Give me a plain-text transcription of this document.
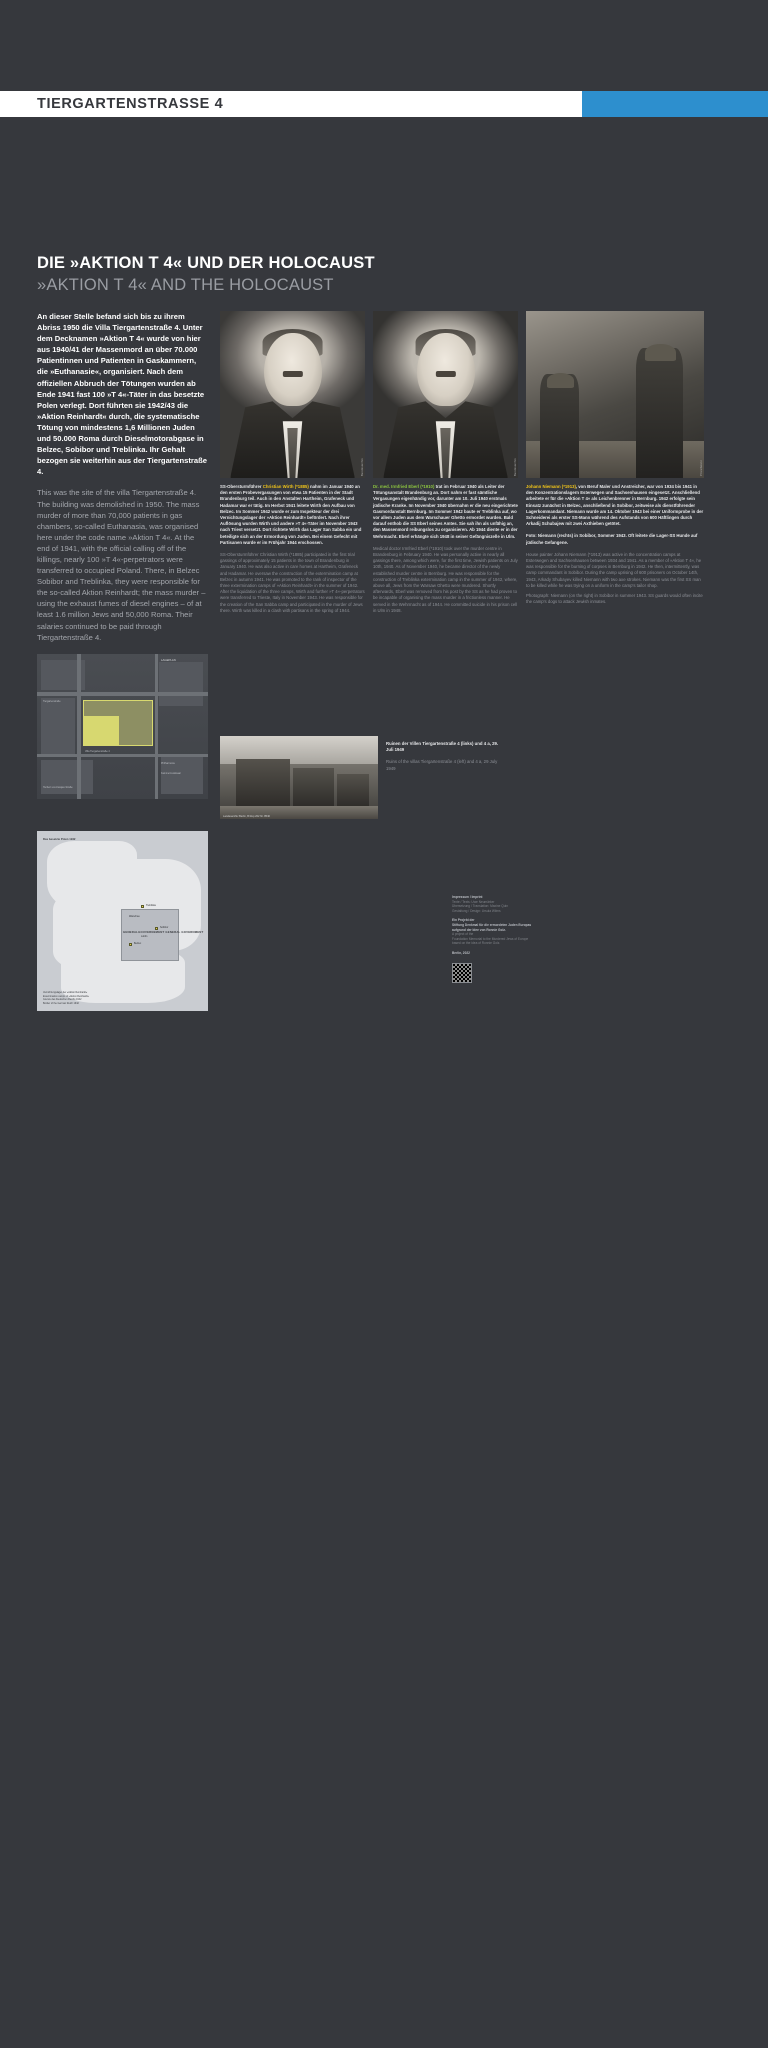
TIERGARTENSTRASSE 4
DIE »AKTION T 4« UND DER HOLOCAUST
»AKTION T 4« AND THE HOLOCAUST
An dieser Stelle befand sich bis zu ihrem Abriss 1950 die Villa Tiergartenstraße 4. Unter dem Decknamen »Aktion T 4« wurde von hier aus 1940/41 der Massenmord an über 70.000 Patientinnen und Patienten in Gaskammern, die »Euthanasie«, organisiert. Nach dem offiziellen Abbruch der Tötungen wurden ab Ende 1941 fast 100 »T 4«-Täter in das besetzte Polen verlegt. Dort führten sie 1942/43 die »Aktion Reinhardt« durch, die systematische Tötung von mindestens 1,6 Millionen Juden und 50.000 Roma durch Dieselmotorabgase in Belzec, Sobibor und Treblinka. Ihr Gehalt bezogen sie weiterhin aus der Tiergartenstraße 4.
This was the site of the villa Tiergartenstraße 4. The building was demolished in 1950. The mass murder of more than 70,000 patients in gas chambers, so-called Euthanasia, was organised here under the code name »Aktion T 4«. At the end of 1941, with the official calling off of the killings, nearly 100 »T 4«-perpetrators were transferred to occupied Poland. There, in Belzec Sobibor and Treblinka, they were responsible for the so-called Aktion Reinhardt; the mass murder – using the exhaust fumes of diesel engines – of at least 1.6 million Jews and 50,000 Roma. Their salaries continued to be paid through Tiergartenstraße 4.
Bundesarchiv	Bundesarchiv	Privatbesitz
SS-Obersturmführer Christian Wirth (*1885) nahm im Januar 1940 an den ersten Probevergasungen von etwa 15 Patienten in der Stadt Brandenburg teil. Auch in den Anstalten Hartheim, Grafeneck und Hadamar war er tätig. Im Herbst 1941 leitete Wirth den Aufbau von Belzec. Im Sommer 1942 wurde er zum Inspekteur der drei Vernichtungslager der »Aktion Reinhardt« befördert. Nach ihrer Auflösung wurden Wirth und andere »T 4«-Täter im November 1943 nach Triest versetzt. Dort richtete Wirth das Lager San Sabba ein und beteiligte sich an der Ermordung von Juden. Bei einem Gefecht mit Partisanen wurde er im Frühjahr 1944 erschossen.
SS-Obersturmführer Christian Wirth (*1885) participated in the first trial gassings of approximately 15 patients in the town of Brandenburg in January 1940. He was also active in care homes at Hartheim, Grafeneck and Hadamar. He oversaw the construction of the extermination camp at Belzec in autumn 1941. He was promoted to the rank of inspector of the three extermination camps of »Aktion Reinhardt« in the summer of 1942. After the liquidation of the three camps, Wirth and further »T 4«-perpetrators were transferred to Trieste, Italy in November 1943. He was responsible for the creation of the San Sabba camp and participated in the murder of Jews there. Wirth was killed in a clash with partisans in the spring of 1944.
Dr. med. Irmfried Eberl (*1910) trat im Februar 1940 als Leiter der Tötungsanstalt Brandenburg an. Dort nahm er fast sämtliche Vergasungen eigenhändig vor, darunter am 10. Juli 1940 erstmals jüdische Kranke. Im November 1940 übernahm er die neu eingerichtete Gasmordanstalt Bernburg. Im Sommer 1942 baute er Treblinka auf, wo vor allem Juden aus dem Warschauer Ghetto ermordet wurden. Bald darauf enthob die SS Eberl seines Amtes. Sie sah ihn als unfähig an, den Massenmord reibungslos zu organisieren. Ab 1944 diente er in der Wehrmacht. Eberl erhängte sich 1948 in seiner Gefängniszelle in Ulm.
Medical doctor Irmfried Eberl (*1910) took over the murder centre in Brandenburg in February 1940. He was personally active in nearly all gassings there, among which were, for the first time, Jewish patients on July 10th, 1940. As of November 1940, he became director of the newly established murder centre in Bernburg. He was responsible for the construction of Treblinka extermination camp in the summer of 1942, where, above all, Jews from the Warsaw Ghetto were murdered. Shortly afterwards, Eberl was removed from his post by the SS as he had proven to be incapable of organising the mass murder in a frictionless manner. He served in the Wehrmacht as of 1944. He committed suicide in his prison cell in Ulm in 1948.
Johann Niemann (*1913), von Beruf Maler und Anstreicher, war von 1934 bis 1941 in den Konzentrationslagern Esterwegen und Sachsenhausen eingesetzt. Anschließend arbeitete er für die »Aktion T 4« als Leichenbrenner in Bernburg. 1942 erfolgte sein Einsatz zunächst in Belzec, anschließend in Sobibor, zeitweise als dienstführender Lagerkommandant. Niemann wurde am 14. Oktober 1943 bei einer Uniformprobe in der Schneiderei als erster SS-Mann während des Aufstands von 600 Häftlingen durch Arkadij Schubajew mit zwei Axthieben getötet.
Foto: Niemann (rechts) in Sobibor, Sommer 1943. Oft leitete die Lager-SS Hunde auf jüdische Gefangene.
House painter Johann Niemann (*1913) was active in the concentration camps at Esterwegen and Sachsenhausen between 1934 and 1941. As a member of »Aktion T 4«, he was responsible for the burning of corpses in Bernburg in 1942. He then, intermittently, was camp commandant in Sobibor. During the camp uprising of 600 prisoners on October 14th, 1943, Arkady Shubayev killed Niemann with two axe strokes. Niemann was the first SS man to be killed while he was trying on a uniform in the camp's tailor shop.
Photograph: Niemann (on the right) in Sobibor in summer 1943. SS guards would often incite the camp's dogs to attack Jewish inmates.
LAGEPLAN
Tiergartenstraße
Villa Tiergartenstraße 4
Philharmonie
Kammermusiksaal
Herbert-von-Karajan-Straße
Landesarchiv Berlin, B Rep 202 Nr. 8540
Ruinen der Villen Tiergartenstraße 4 (links) und 4 a, 29. Juli 1949
Ruins of the villas Tiergartenstraße 4 (left) and 4 a, 29 July 1949
GENERALGOUVERNEMENT GENERAL GOVERNMENT
Das besetzte Polen 1942
Belzec
Sobibor
Treblinka
Warschau
Lublin
Vernichtungslager der »Aktion Reinhardt«
Extermination camps of »Aktion Reinhardt«
Grenze des Deutschen Reichs 1942
Border of the German Reich 1942
Impressum / Imprint
Texte / Texts: Uwe Neumärker
Übersetzung / Translation: Maxine Quin
Gestaltung / Design: Ursula Wilms
Ein Projekt der
Stiftung Denkmal für die ermordeten Juden Europas
aufgrund der Idee von Ronnie Golz.
A project of the
Foundation Memorial to the Murdered Jews of Europe
based on the idea of Ronnie Golz.
Berlin, 2022
